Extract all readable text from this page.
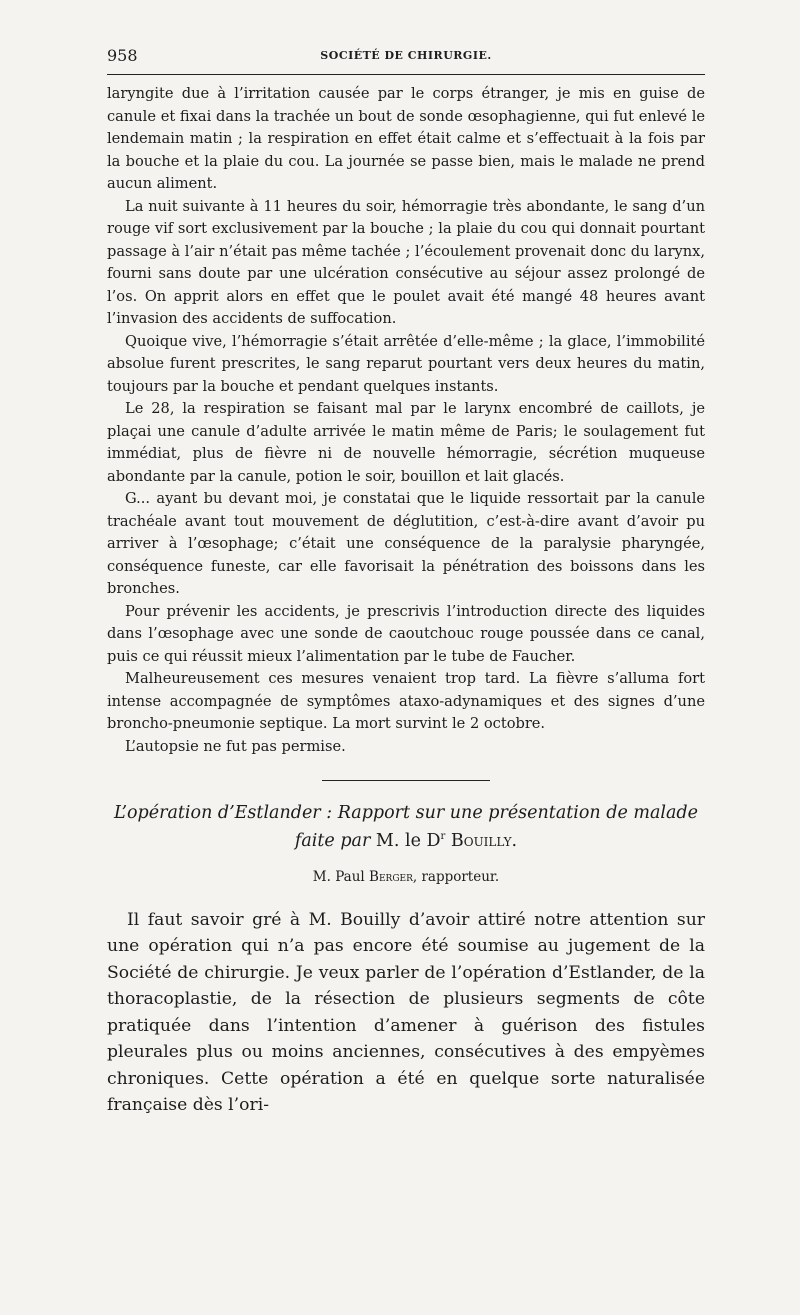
958	SOCIÉTÉ DE CHIRURGIE.

laryngite due à l’irritation causée par le corps étranger, je mis en guise de canule et fixai dans la trachée un bout de sonde œsophagienne, qui fut enlevé le lendemain matin ; la respiration en effet était calme et s’effectuait à la fois par la bouche et la plaie du cou. La journée se passe bien, mais le malade ne prend aucun aliment.

La nuit suivante à 11 heures du soir, hémorragie très abondante, le sang d’un rouge vif sort exclusivement par la bouche ; la plaie du cou qui donnait pourtant passage à l’air n’était pas même tachée ; l’écoulement provenait donc du larynx, fourni sans doute par une ulcération consécutive au séjour assez prolongé de l’os. On apprit alors en effet que le poulet avait été mangé 48 heures avant l’invasion des accidents de suffocation.

Quoique vive, l’hémorragie s’était arrêtée d’elle-même ; la glace, l’immobilité absolue furent prescrites, le sang reparut pourtant vers deux heures du matin, toujours par la bouche et pendant quelques instants.

Le 28, la respiration se faisant mal par le larynx encombré de caillots, je plaçai une canule d’adulte arrivée le matin même de Paris; le soulagement fut immédiat, plus de fièvre ni de nouvelle hémorragie, sécrétion muqueuse abondante par la canule, potion le soir, bouillon et lait glacés.

G... ayant bu devant moi, je constatai que le liquide ressortait par la canule trachéale avant tout mouvement de déglutition, c’est-à-dire avant d’avoir pu arriver à l’œsophage; c’était une conséquence de la paralysie pharyngée, conséquence funeste, car elle favorisait la pénétration des boissons dans les bronches.

Pour prévenir les accidents, je prescrivis l’introduction directe des liquides dans l’œsophage avec une sonde de caoutchouc rouge poussée dans ce canal, puis ce qui réussit mieux l’alimentation par le tube de Faucher.

Malheureusement ces mesures venaient trop tard. La fièvre s’alluma fort intense accompagnée de symptômes ataxo-adynamiques et des signes d’une broncho-pneumonie septique. La mort survint le 2 octobre.

L’autopsie ne fut pas permise.

L’opération d’Estlander : Rapport sur une présentation de malade faite par M. le $D^r$ Bouilly.
M. Paul Berger, rapporteur.

Il faut savoir gré à M. Bouilly d’avoir attiré notre attention sur une opération qui n’a pas encore été soumise au jugement de la Société de chirurgie. Je veux parler de l’opération d’Estlander, de la thoracoplastie, de la résection de plusieurs segments de côte pratiquée dans l’intention d’amener à guérison des fistules pleurales plus ou moins anciennes, consécutives à des empyèmes chroniques. Cette opération a été en quelque sorte naturalisée française dès l’ori-
